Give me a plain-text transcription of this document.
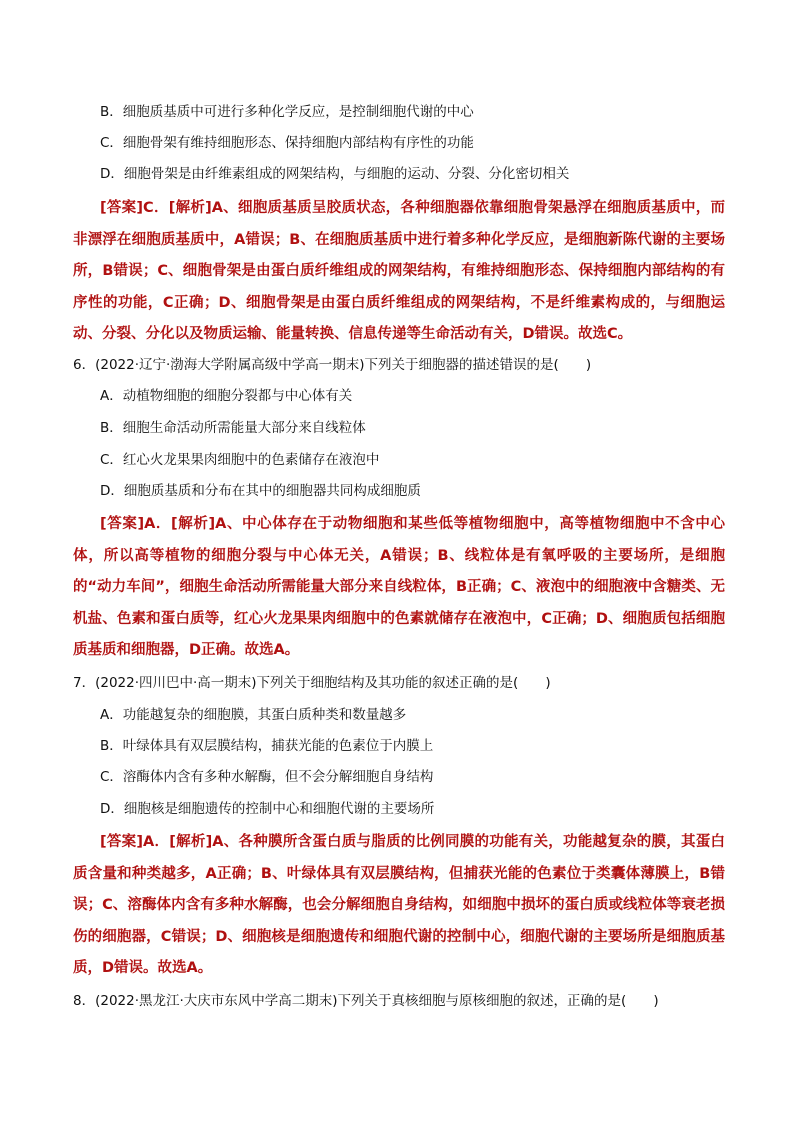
B．细胞质基质中可进行多种化学反应，是控制细胞代谢的中心
C．细胞骨架有维持细胞形态、保持细胞内部结构有序性的功能
D．细胞骨架是由纤维素组成的网架结构，与细胞的运动、分裂、分化密切相关
[答案]C．[解析]A、细胞质基质呈胶质状态，各种细胞器依靠细胞骨架悬浮在细胞质基质中，而非漂浮在细胞质基质中，A错误；B、在细胞质基质中进行着多种化学反应，是细胞新陈代谢的主要场所，B错误；C、细胞骨架是由蛋白质纤维组成的网架结构，有维持细胞形态、保持细胞内部结构的有序性的功能，C正确；D、细胞骨架是由蛋白质纤维组成的网架结构，不是纤维素构成的，与细胞运动、分裂、分化以及物质运输、能量转换、信息传递等生命活动有关，D错误。故选C。
6．(2022·辽宁·渤海大学附属高级中学高一期末)下列关于细胞器的描述错误的是(　　)
A．动植物细胞的细胞分裂都与中心体有关
B．细胞生命活动所需能量大部分来自线粒体
C．红心火龙果果肉细胞中的色素储存在液泡中
D．细胞质基质和分布在其中的细胞器共同构成细胞质
[答案]A．[解析]A、中心体存在于动物细胞和某些低等植物细胞中，高等植物细胞中不含中心体，所以高等植物的细胞分裂与中心体无关，A错误；B、线粒体是有氧呼吸的主要场所，是细胞的“动力车间”，细胞生命活动所需能量大部分来自线粒体，B正确；C、液泡中的细胞液中含糖类、无机盐、色素和蛋白质等，红心火龙果果肉细胞中的色素就储存在液泡中，C正确；D、细胞质包括细胞质基质和细胞器，D正确。故选A。
7．(2022·四川巴中·高一期末)下列关于细胞结构及其功能的叙述正确的是(　　)
A．功能越复杂的细胞膜，其蛋白质种类和数量越多
B．叶绿体具有双层膜结构，捕获光能的色素位于内膜上
C．溶酶体内含有多种水解酶，但不会分解细胞自身结构
D．细胞核是细胞遗传的控制中心和细胞代谢的主要场所
[答案]A．[解析]A、各种膜所含蛋白质与脂质的比例同膜的功能有关，功能越复杂的膜，其蛋白质含量和种类越多，A正确；B、叶绿体具有双层膜结构，但捕获光能的色素位于类囊体薄膜上，B错误；C、溶酶体内含有多种水解酶，也会分解细胞自身结构，如细胞中损坏的蛋白质或线粒体等衰老损伤的细胞器，C错误；D、细胞核是细胞遗传和细胞代谢的控制中心，细胞代谢的主要场所是细胞质基质，D错误。故选A。
8．(2022·黑龙江·大庆市东风中学高二期末)下列关于真核细胞与原核细胞的叙述，正确的是(　　)
